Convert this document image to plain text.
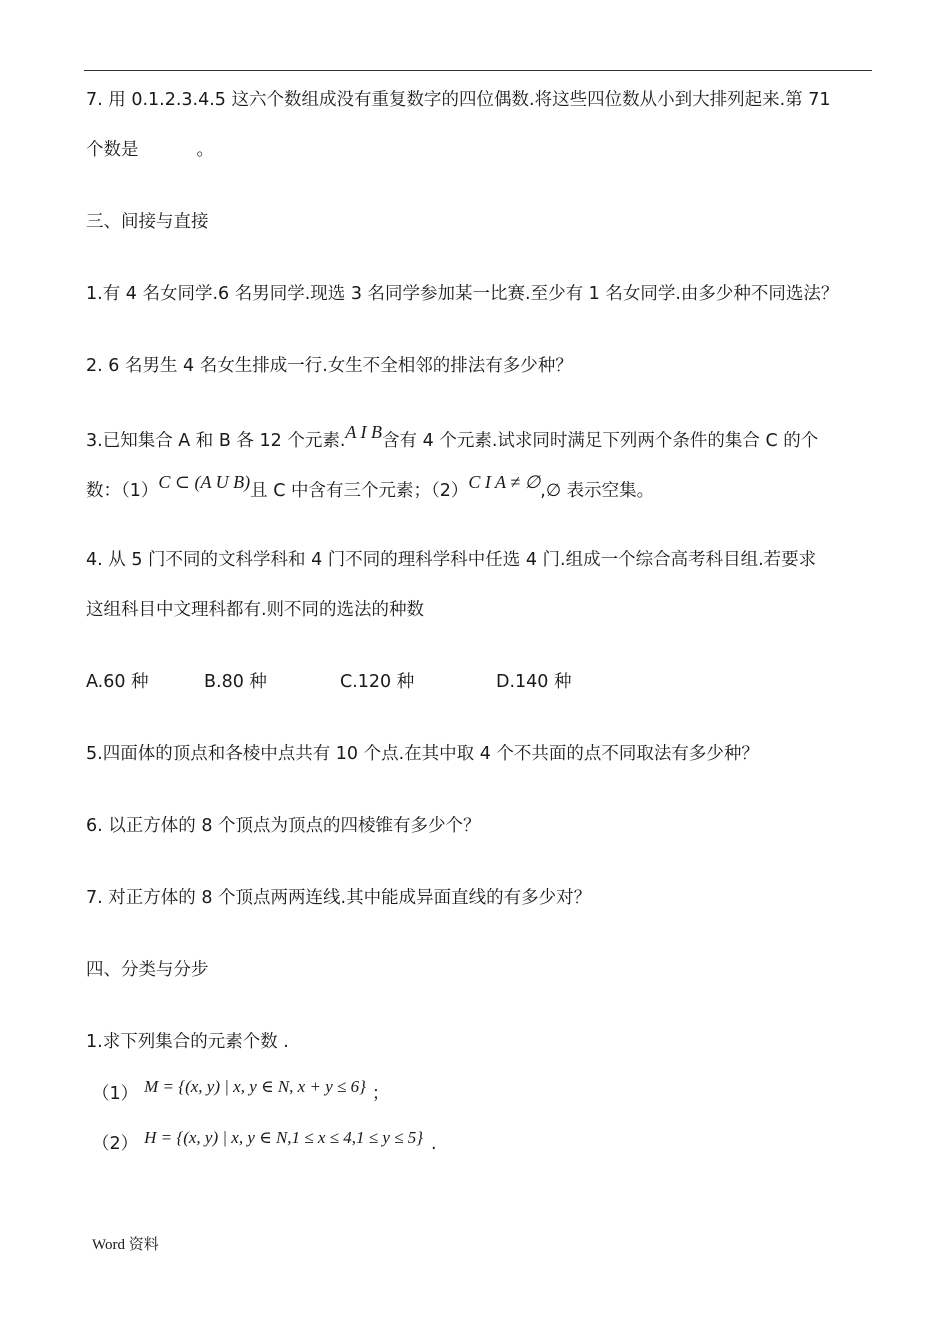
7. 用 0.1.2.3.4.5 这六个数组成没有重复数字的四位偶数.将这些四位数从小到大排列起来.第 71
个数是	。
三、间接与直接
1.有 4 名女同学.6 名男同学.现选 3 名同学参加某一比赛.至少有 1 名女同学.由多少种不同选法？
2. 6 名男生 4 名女生排成一行.女生不全相邻的排法有多少种？
3.已知集合 A 和 B 各 12 个元素.A I B含有 4 个元素.试求同时满足下列两个条件的集合 C 的个
数：（1）C ⊂ (A U B)且 C 中含有三个元素；（2）C I A ≠ ∅,∅ 表示空集。
4. 从 5 门不同的文科学科和 4 门不同的理科学科中任选 4 门.组成一个综合高考科目组.若要求
这组科目中文理科都有.则不同的选法的种数
A.60 种	B.80 种	C.120 种	D.140 种
5.四面体的顶点和各棱中点共有 10 个点.在其中取 4 个不共面的点不同取法有多少种？
6. 以正方体的 8 个顶点为顶点的四棱锥有多少个？
7. 对正方体的 8 个顶点两两连线.其中能成异面直线的有多少对？
四、分类与分步
1.求下列集合的元素个数 .
（1） M = {(x, y) | x, y ∈ N, x + y ≤ 6} ；
（2） H = {(x, y) | x, y ∈ N,1 ≤ x ≤ 4,1 ≤ y ≤ 5} .
Word 资料
